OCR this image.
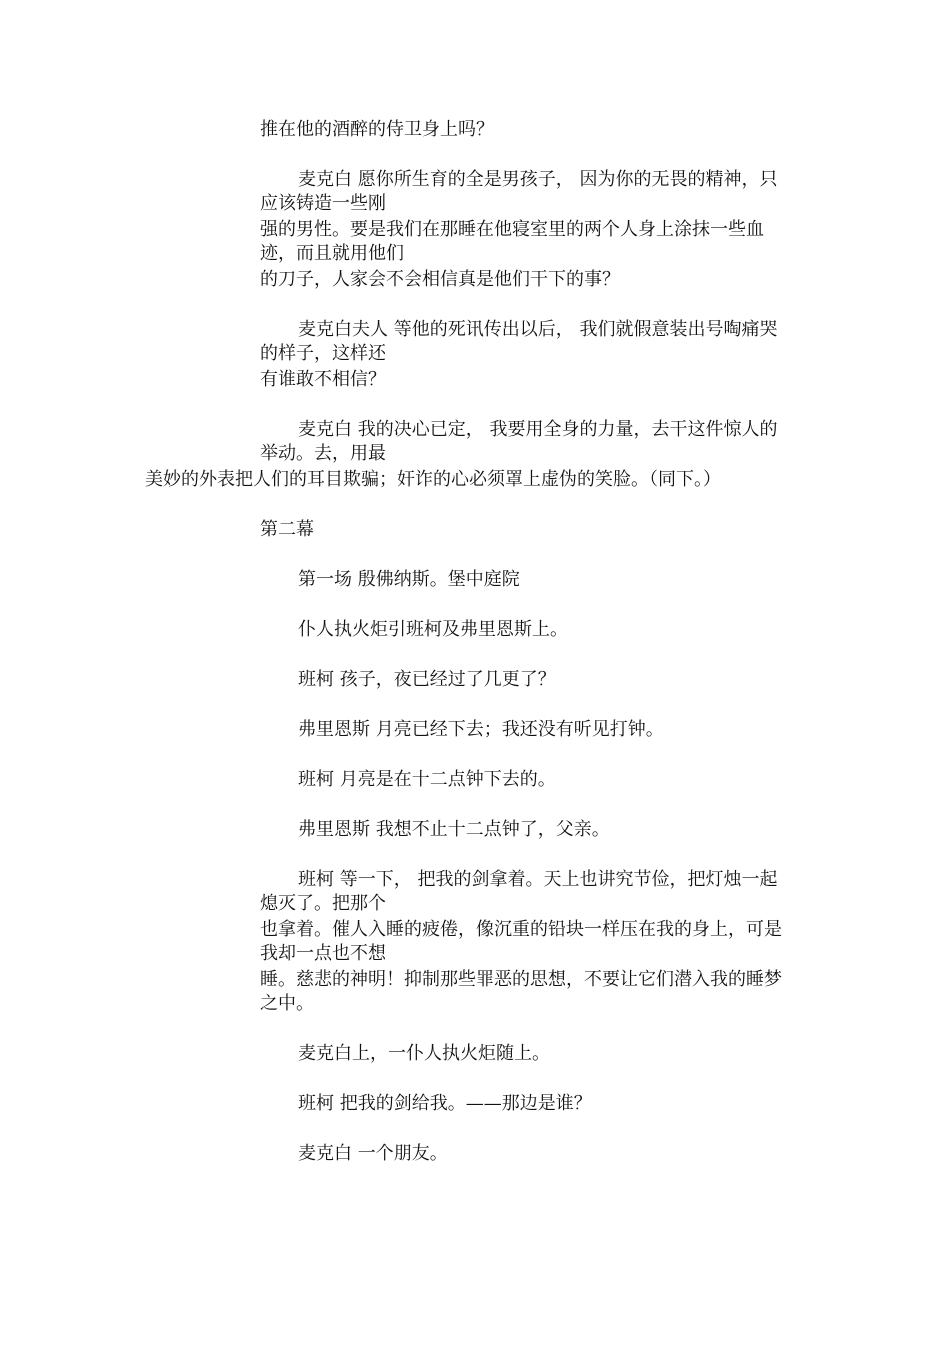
推在他的酒醉的侍卫身上吗？

麦克白 愿你所生育的全是男孩子， 因为你的无畏的精神，只

应该铸造一些刚

强的男性。要是我们在那睡在他寝室里的两个人身上涂抹一些血

迹，而且就用他们

的刀子，人家会不会相信真是他们干下的事？

麦克白夫人 等他的死讯传出以后， 我们就假意装出号啕痛哭

的样子，这样还

有谁敢不相信？

麦克白 我的决心已定， 我要用全身的力量，去干这件惊人的

举动。去，用最

美妙的外表把人们的耳目欺骗；奸诈的心必须罩上虚伪的笑脸。（同下。）

第二幕

第一场 殷佛纳斯。堡中庭院

仆人执火炬引班柯及弗里恩斯上。

班柯 孩子，夜已经过了几更了？

弗里恩斯 月亮已经下去；我还没有听见打钟。

班柯 月亮是在十二点钟下去的。

弗里恩斯 我想不止十二点钟了，父亲。

班柯 等一下， 把我的剑拿着。天上也讲究节俭，把灯烛一起

熄灭了。把那个

也拿着。催人入睡的疲倦，像沉重的铅块一样压在我的身上，可是

我却一点也不想

睡。慈悲的神明！抑制那些罪恶的思想，不要让它们潜入我的睡梦

之中。

麦克白上，一仆人执火炬随上。

班柯 把我的剑给我。——那边是谁？

麦克白 一个朋友。
